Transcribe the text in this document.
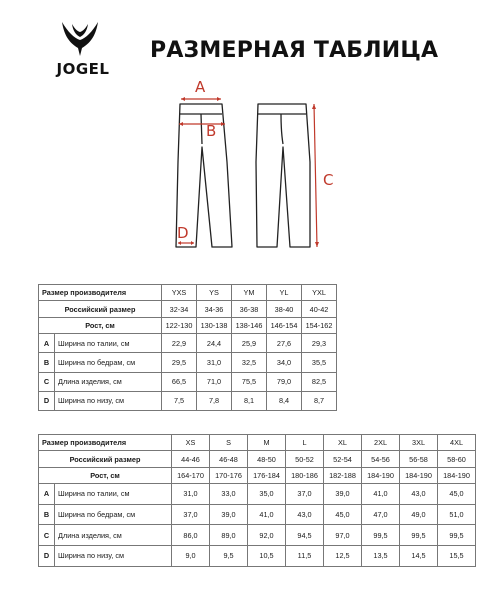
JOGEL
РАЗМЕРНАЯ ТАБЛИЦА
A
B
C
D
Размер производителя		YXS	YS	YM	YL	YXL
Российский размер		32-34	34-36	36-38	38-40	40-42
Рост, см		122-130	130-138	138-146	146-154	154-162
A	Ширина по талии, см	22,9	24,4	25,9	27,6	29,3
B	Ширина по бедрам, см	29,5	31,0	32,5	34,0	35,5
C	Длина изделия, см	66,5	71,0	75,5	79,0	82,5
D	Ширина по низу, см	7,5	7,8	8,1	8,4	8,7
Размер производителя		XS	S	M	L	XL	2XL	3XL	4XL
Российский размер		44-46	46-48	48-50	50-52	52-54	54-56	56-58	58-60
Рост, см		164-170	170-176	176-184	180-186	182-188	184-190	184-190	184-190
A	Ширина по талии, см	31,0	33,0	35,0	37,0	39,0	41,0	43,0	45,0
B	Ширина по бедрам, см	37,0	39,0	41,0	43,0	45,0	47,0	49,0	51,0
C	Длина изделия, см	86,0	89,0	92,0	94,5	97,0	99,5	99,5	99,5
D	Ширина по низу, см	9,0	9,5	10,5	11,5	12,5	13,5	14,5	15,5
